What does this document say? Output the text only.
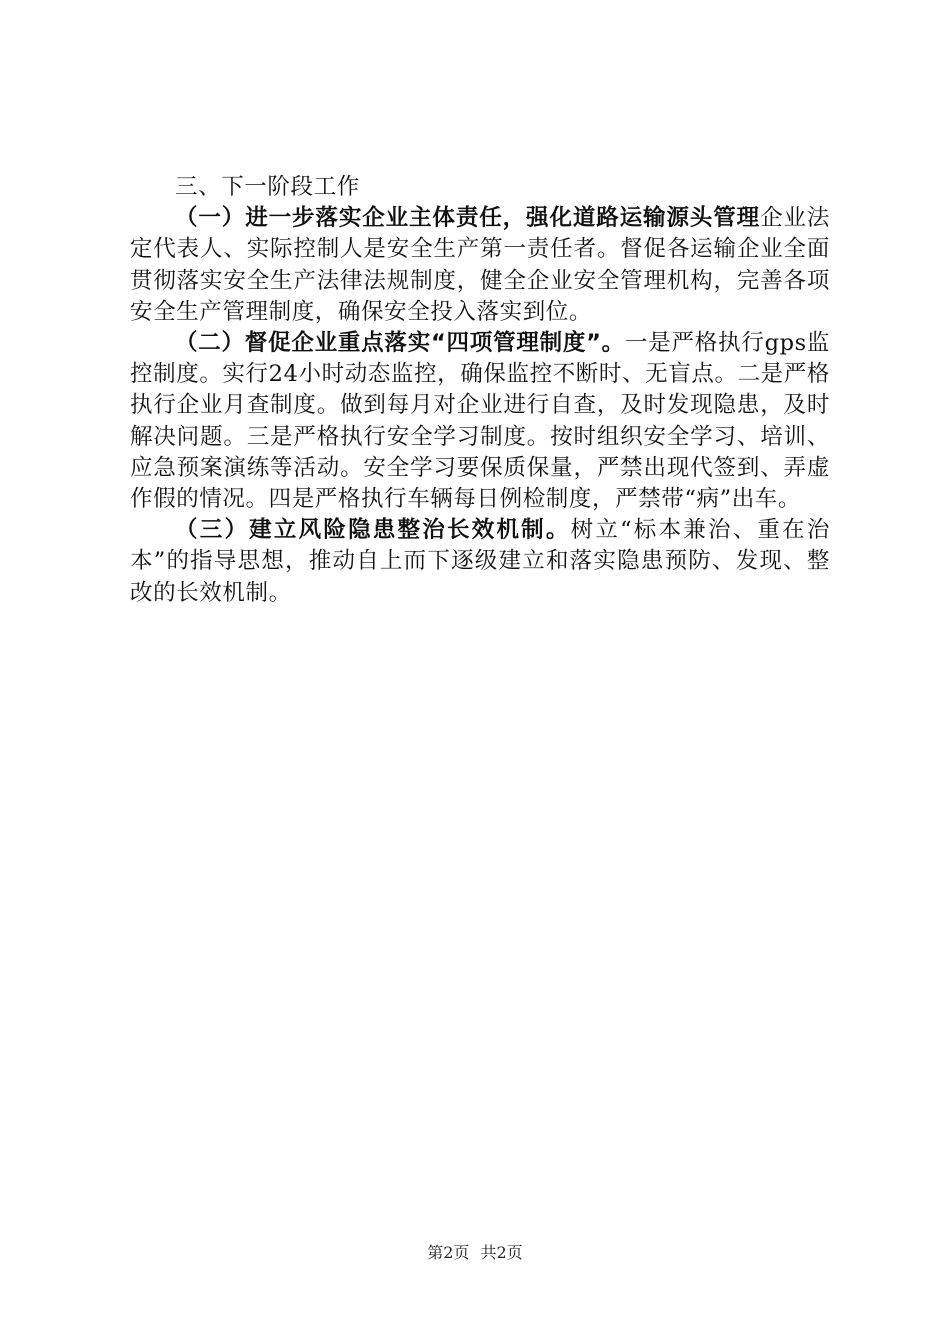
三、下一阶段工作

（一）进一步落实企业主体责任，强化道路运输源头管理企业法定代表人、实际控制人是安全生产第一责任者。督促各运输企业全面贯彻落实安全生产法律法规制度，健全企业安全管理机构，完善各项安全生产管理制度，确保安全投入落实到位。

（二）督促企业重点落实“四项管理制度”。一是严格执行gps监控制度。实行24小时动态监控，确保监控不断时、无盲点。二是严格执行企业月查制度。做到每月对企业进行自查，及时发现隐患，及时解决问题。三是严格执行安全学习制度。按时组织安全学习、培训、应急预案演练等活动。安全学习要保质保量，严禁出现代签到、弄虚作假的情况。四是严格执行车辆每日例检制度，严禁带“病”出车。

（三）建立风险隐患整治长效机制。树立“标本兼治、重在治本”的指导思想，推动自上而下逐级建立和落实隐患预防、发现、整改的长效机制。

第2页 共2页
